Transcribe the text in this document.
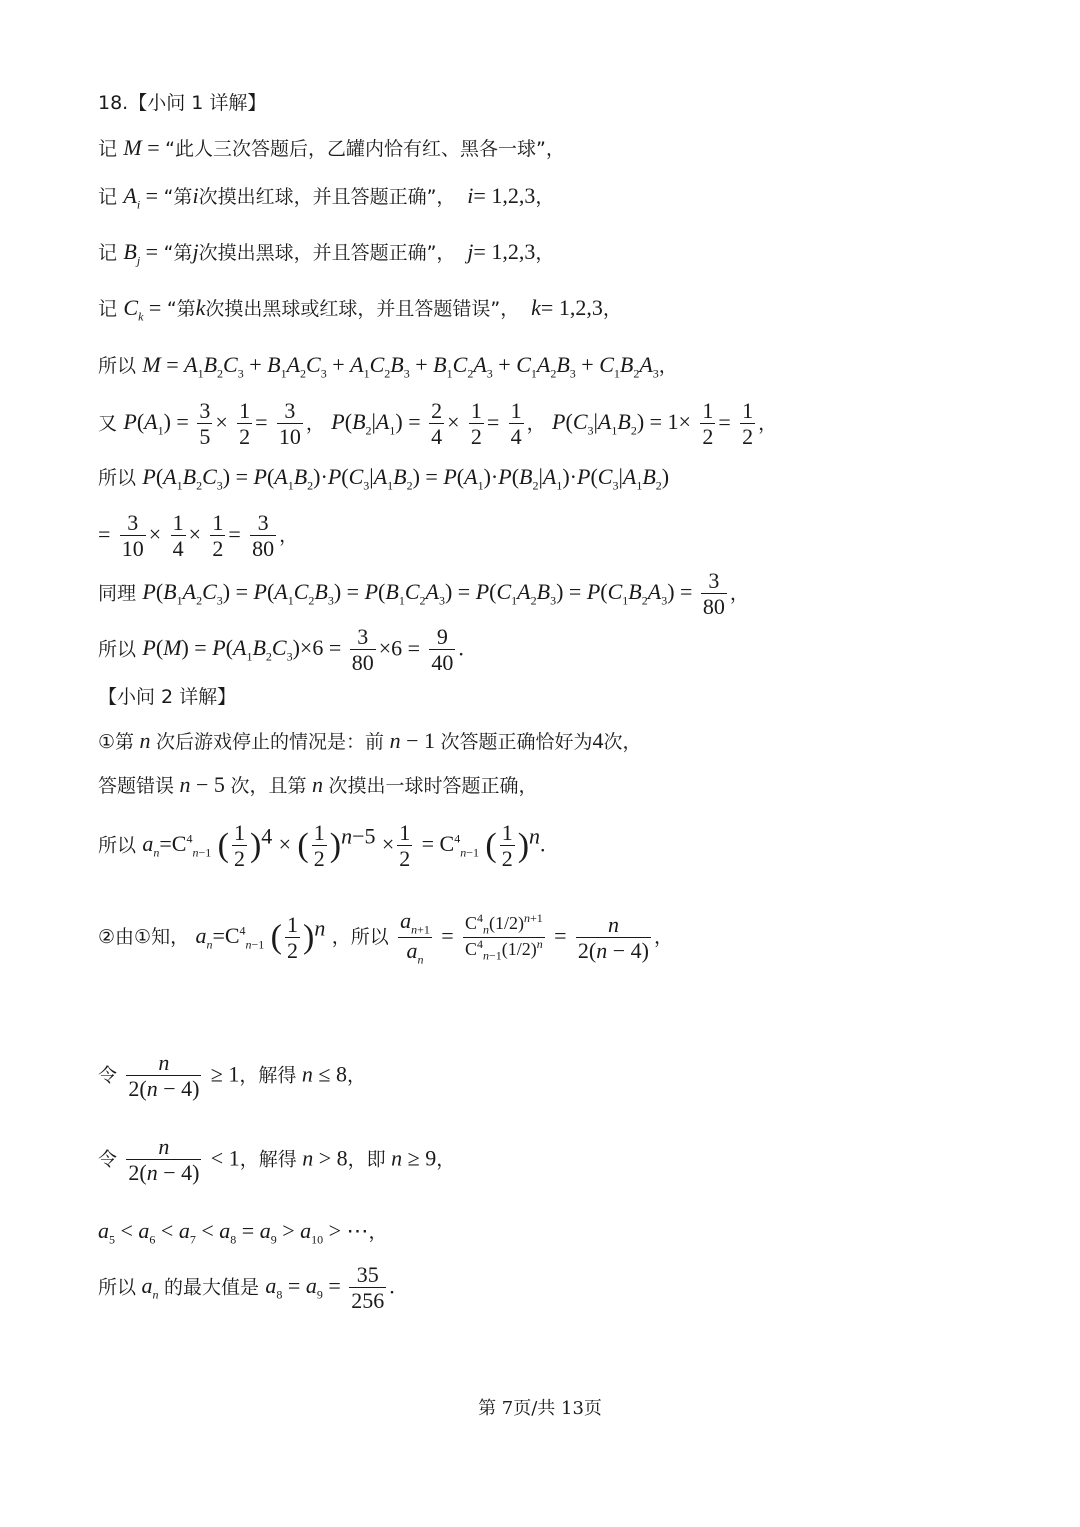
18.【小问 1 详解】
记 M = “此人三次答题后，乙罐内恰有红、黑各一球”，
记 $A_i$ = “第i次摸出红球，并且答题正确”，  i= 1,2,3，
记 $B_j$ = “第j次摸出黑球，并且答题正确”，  j= 1,2,3，
记 $C_k$ = “第k次摸出黑球或红球，并且答题错误”，  k= 1,2,3，
所以 $M = A_1B_2C_3 + B_1A_2C_3 + A_1C_2B_3 + B_1C_2A_3 + C_1A_2B_3 + C_1B_2A_3$，
又 $P(A_1) = \frac{3}{5} \times \frac{1}{2} = \frac{3}{10}$ ， $P(B_2|A_1) = \frac{2}{4} \times \frac{1}{2} = \frac{1}{4}$ ， $P(C_3|A_1B_2) = 1\times \frac{1}{2} = \frac{1}{2}$ ，
所以 $P(A_1B_2C_3) = P(A_1B_2)\cdot P(C_3|A_1B_2) = P(A_1)\cdot P(B_2|A_1)\cdot P(C_3|A_1B_2)$
= $\frac{3}{10} \times \frac{1}{4} \times \frac{1}{2} = \frac{3}{80}$ ，
同理 $P(B_1A_2C_3) = P(A_1C_2B_3) = P(B_1C_2A_3) = P(C_1A_2B_3) = P(C_1B_2A_3) = \frac{3}{80}$ ，
所以 $P(M) = P(A_1B_2C_3)\times 6 = \frac{3}{80} \times 6 = \frac{9}{40}$ .
【小问 2 详解】
①第 n 次后游戏停止的情况是：前 n − 1 次答题正确恰好为4次，
答题错误 n − 5 次，且第 n 次摸出一球时答题正确，
所以 $a_n=C^4_{n-1}$ ( $\frac{1}{2} )^4$ × ( $\frac{1}{2} )^{n-5} \times \frac{1}{2} = C^4_{n-1}$ ( $\frac{1}{2} )^n$.
②由①知， $a_n=C^4_{n-1}$ ( $\frac{1}{2} )^n$ ，所以 $\frac{a_{n+1}}{a_n} = \frac{C^4_n(1/2)^{n+1}}{C^4_{n-1}(1/2)^n} = \frac{n}{2(n - 4)}$ ，
令 $\frac{n}{2(n - 4)} \ge 1$，解得 n ≤ 8，
令 $\frac{n}{2(n - 4)} < 1$，解得 n > 8，即 n ≥ 9，
$a_5 < a_6 < a_7 < a_8 = a_9 > a_{10}$ > ⋯，
所以 $a_n$ 的最大值是 $a_8 = a_9 = \frac{35}{256}$ .
第 7页/共 13页
